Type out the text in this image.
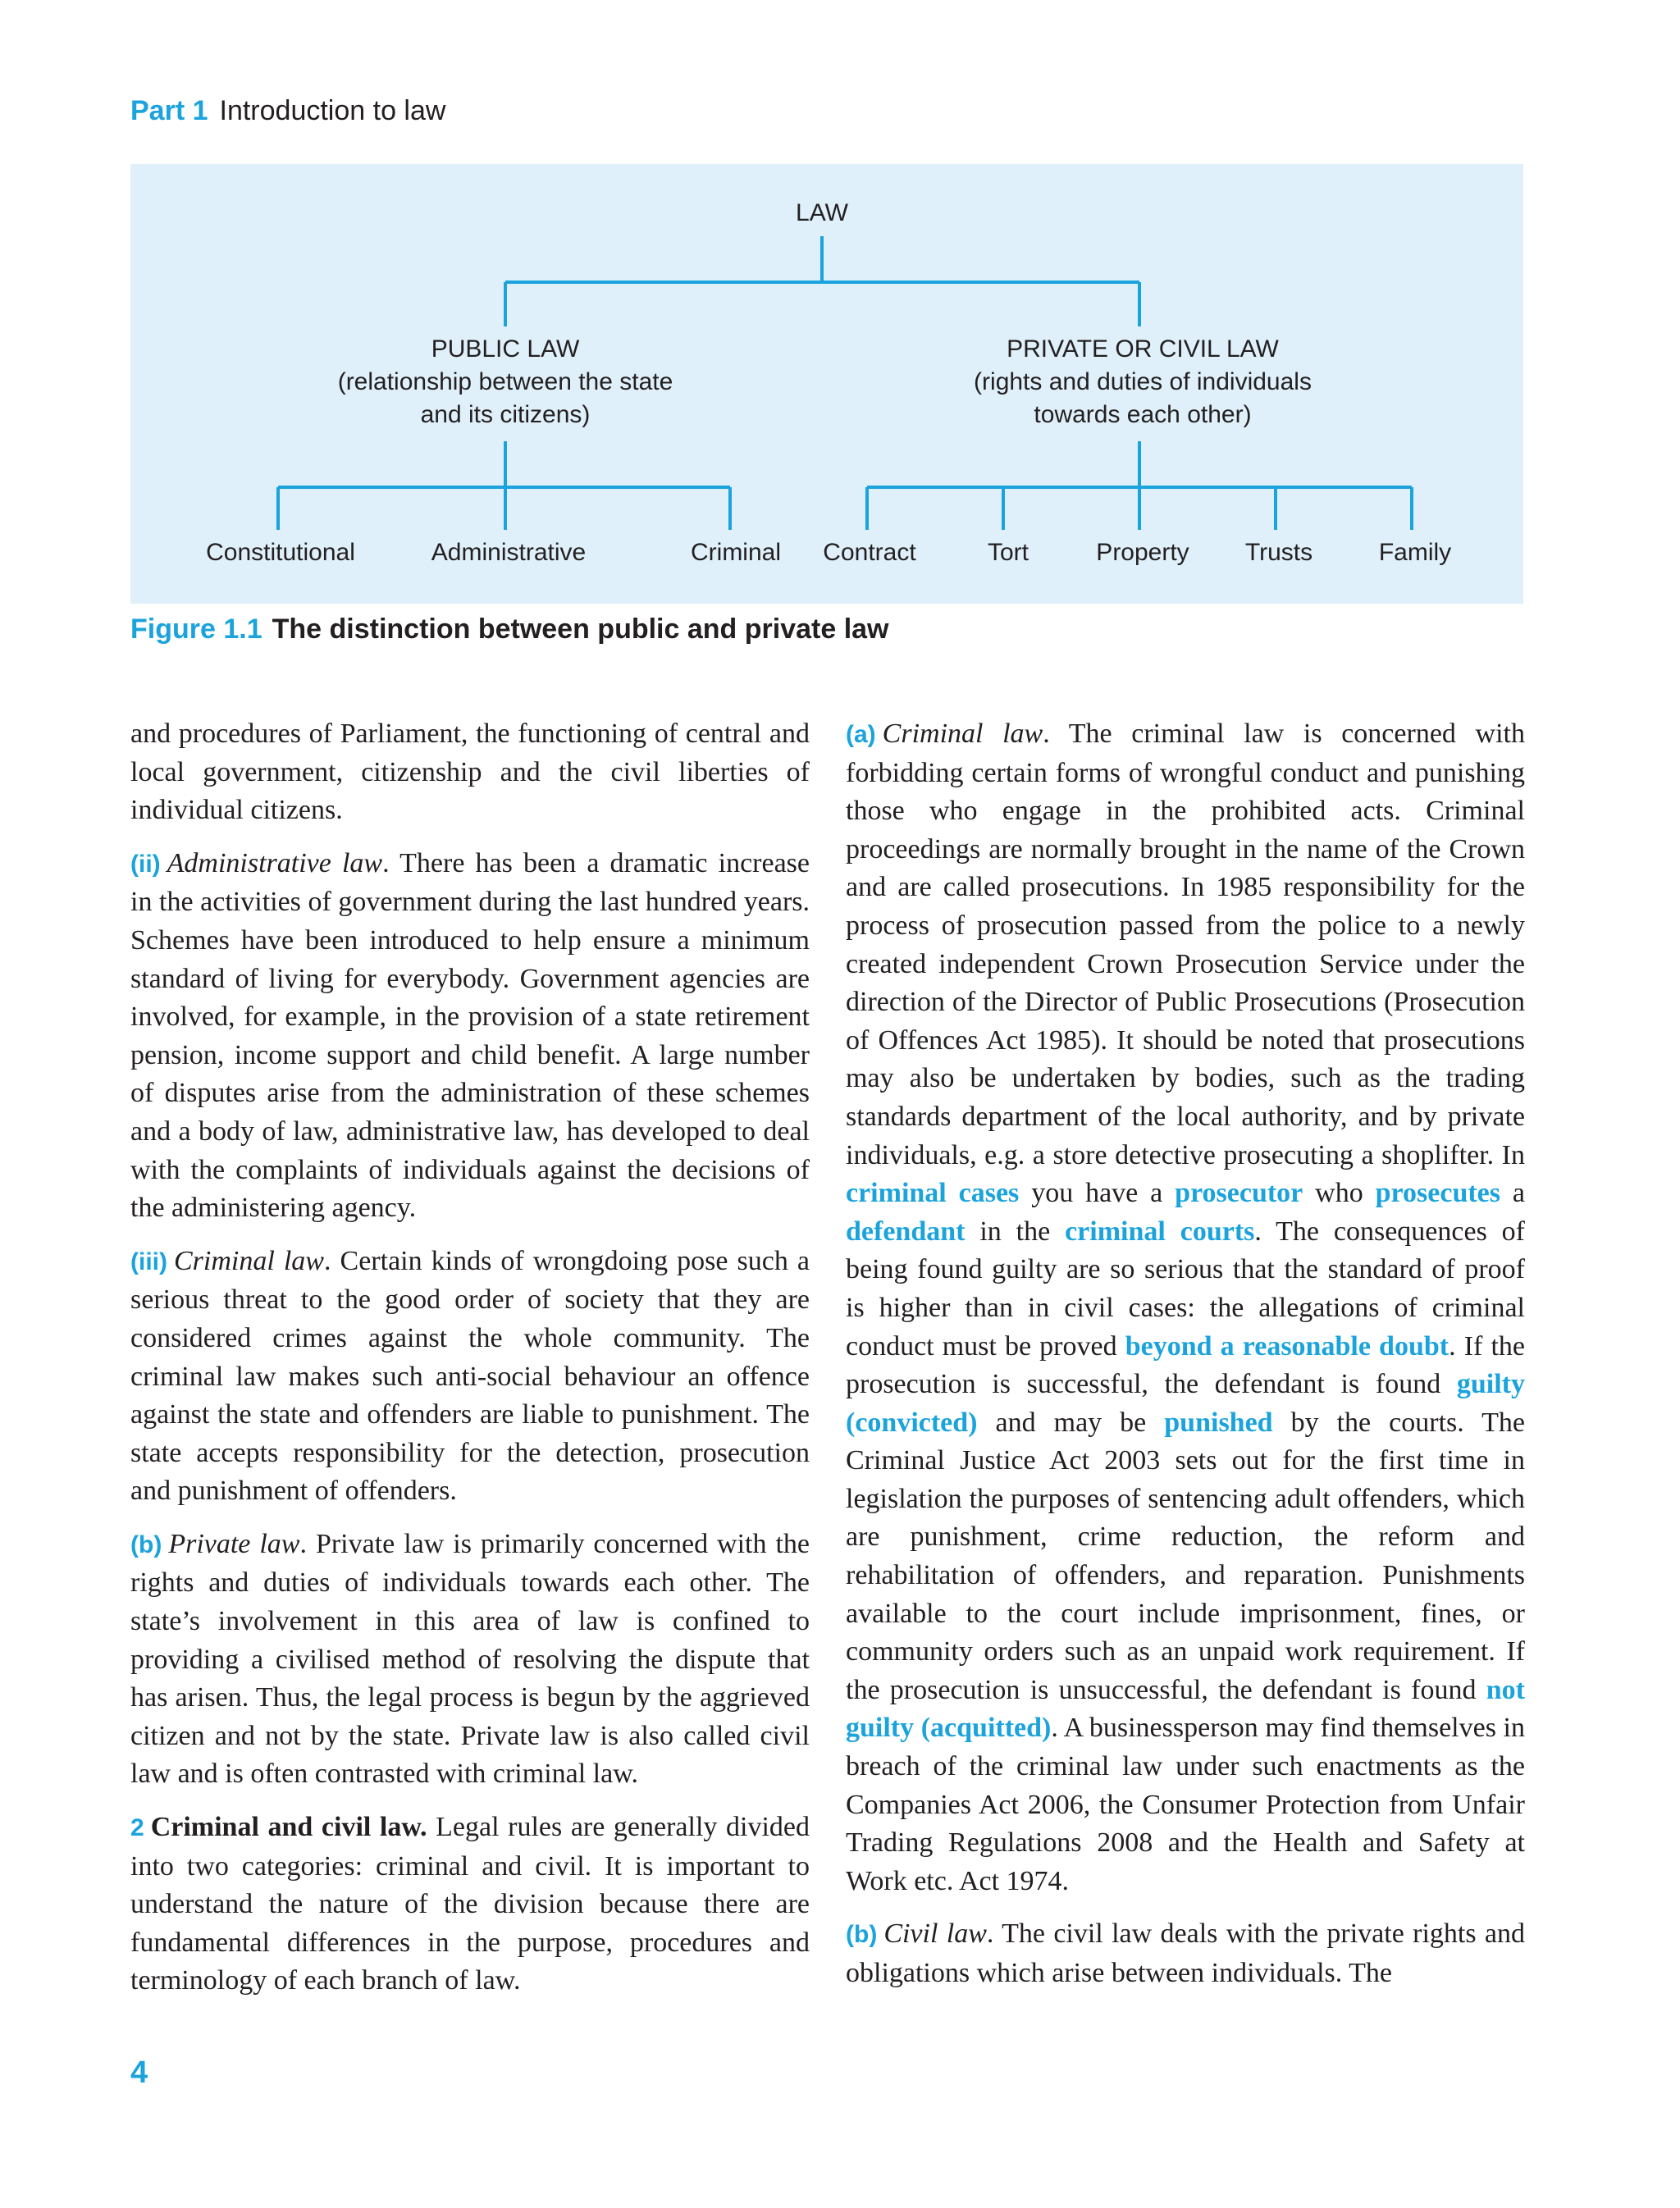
Part 1 Introduction to law
LAW
PUBLIC LAW
(relationship between the state
and its citizens)
PRIVATE OR CIVIL LAW
(rights and duties of individuals
towards each other)
Constitutional	Administrative	Criminal Contract	Tort	Property Trusts	Family
Figure 1.1 The distinction between public and private law

and procedures of Parliament, the functioning of central and local government, citizenship and the civil liberties of individual citizens.

(ii) Administrative law. There has been a dramatic increase in the activities of government during the last hundred years. Schemes have been introduced to help ensure a minimum standard of living for everybody. Government agencies are involved, for example, in the provision of a state retirement pension, income support and child benefit. A large number of disputes arise from the administration of these schemes and a body of law, administrative law, has developed to deal with the complaints of individuals against the decisions of the administering agency.

(iii) Criminal law. Certain kinds of wrongdoing pose such a serious threat to the good order of society that they are considered crimes against the whole community. The criminal law makes such anti-social behaviour an offence against the state and offenders are liable to punishment. The state accepts responsibility for the detection, prosecution and punishment of offenders.

(b) Private law. Private law is primarily concerned with the rights and duties of individuals towards each other. The state’s involvement in this area of law is confined to providing a civilised method of resolving the dispute that has arisen. Thus, the legal process is begun by the aggrieved citizen and not by the state. Private law is also called civil law and is often contrasted with criminal law.

2 Criminal and civil law. Legal rules are generally divided into two categories: criminal and civil. It is important to understand the nature of the division because there are fundamental differences in the purpose, procedures and terminology of each branch of law.

(a) Criminal law. The criminal law is concerned with forbidding certain forms of wrongful conduct and punishing those who engage in the prohibited acts. Criminal proceedings are normally brought in the name of the Crown and are called prosecutions. In 1985 responsibility for the process of prosecution passed from the police to a newly created independent Crown Prosecution Service under the direction of the Director of Public Prosecutions (Prosecution of Offences Act 1985). It should be noted that prosecutions may also be undertaken by bodies, such as the trading standards department of the local authority, and by private individuals, e.g. a store detective prosecuting a shoplifter. In criminal cases you have a prosecutor who prosecutes a defendant in the criminal courts. The consequences of being found guilty are so serious that the standard of proof is higher than in civil cases: the allegations of criminal conduct must be proved beyond a reasonable doubt. If the prosecution is successful, the defendant is found guilty (convicted) and may be punished by the courts. The Criminal Justice Act 2003 sets out for the first time in legislation the purposes of sentencing adult offenders, which are punishment, crime reduction, the reform and rehabilitation of offenders, and reparation. Punishments available to the court include imprisonment, fines, or community orders such as an unpaid work requirement. If the prosecution is unsuccessful, the defendant is found not guilty (acquitted). A businessperson may find themselves in breach of the criminal law under such enactments as the Companies Act 2006, the Consumer Protection from Unfair Trading Regulations 2008 and the Health and Safety at Work etc. Act 1974.

(b) Civil law. The civil law deals with the private rights and obligations which arise between individuals. The

4
